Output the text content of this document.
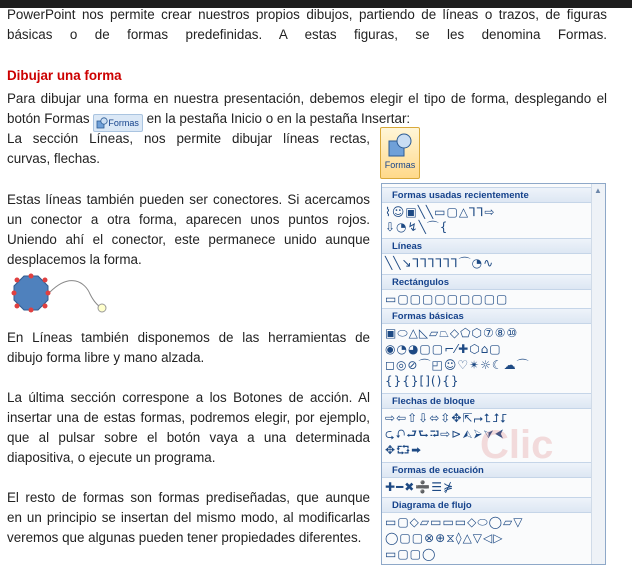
PowerPoint nos permite crear nuestros propios dibujos, partiendo de líneas o trazos, de figuras básicas o de formas predefinidas. A estas figuras, se les denomina Formas.

Dibujar una forma

Para dibujar una forma en nuestra presentación, debemos elegir el tipo de forma, desplegando el

botón Formas Formas en la pestaña Inicio o en la pestaña Insertar:

La sección Líneas, nos permite dibujar líneas rectas,

curvas, flechas.

Estas líneas también pueden ser conectores. Si acercamos

un conector a otra forma, aparecen unos puntos rojos.

Uniendo ahí el conector, este permanece unido aunque

desplacemos la forma.

En Líneas también disponemos de las herramientas de

dibujo forma libre y mano alzada.

La última sección correspone a los Botones de acción. Al

insertar una de estas formas, podremos elegir, por ejemplo,

que al pulsar sobre el botón vaya a una determinada

diapositiva, o ejecute un programa.

El resto de formas son formas prediseñadas, que aunque

en un principio se insertan del mismo modo, al modificarlas

veremos que algunas pueden tener propiedades diferentes.

Formas
Formas usadas recientemente
⌇☺▣╲╲▭▢△⅂⅂⇨
⇩◔↯╲⌒{
Líneas
╲╲↘⅂⅂⅂⅂⅂⅂⌒◔∿
Rectángulos
▭▢▢▢▢▢▢▢▢▢
Formas básicas
▣⬭△◺▱⏢◇⬠⬡⑦⑧⑩
◉◔◕▢▢⌐⁄✚⬡⌂▢
◻◎⊘⌒◰☺♡✴☼☾☁⌒
{}{}[](){}
Flechas de bloque
⇨⇦⇧⇩⬄⇳✥⇱⮣⮤⮥⮦
⮎⮏⮐⮑⮒⇨⊳⮙⮚⮛⮜
✥⮔⮕
Formas de ecuación
✚━✖➗☰⋡
Diagrama de flujo
▭▢◇▱▭▭▭◇⬭◯▱▽
◯▢▢⊗⊕⧖◊△▽◁▷
▭▢▢◯
▲
Clic
